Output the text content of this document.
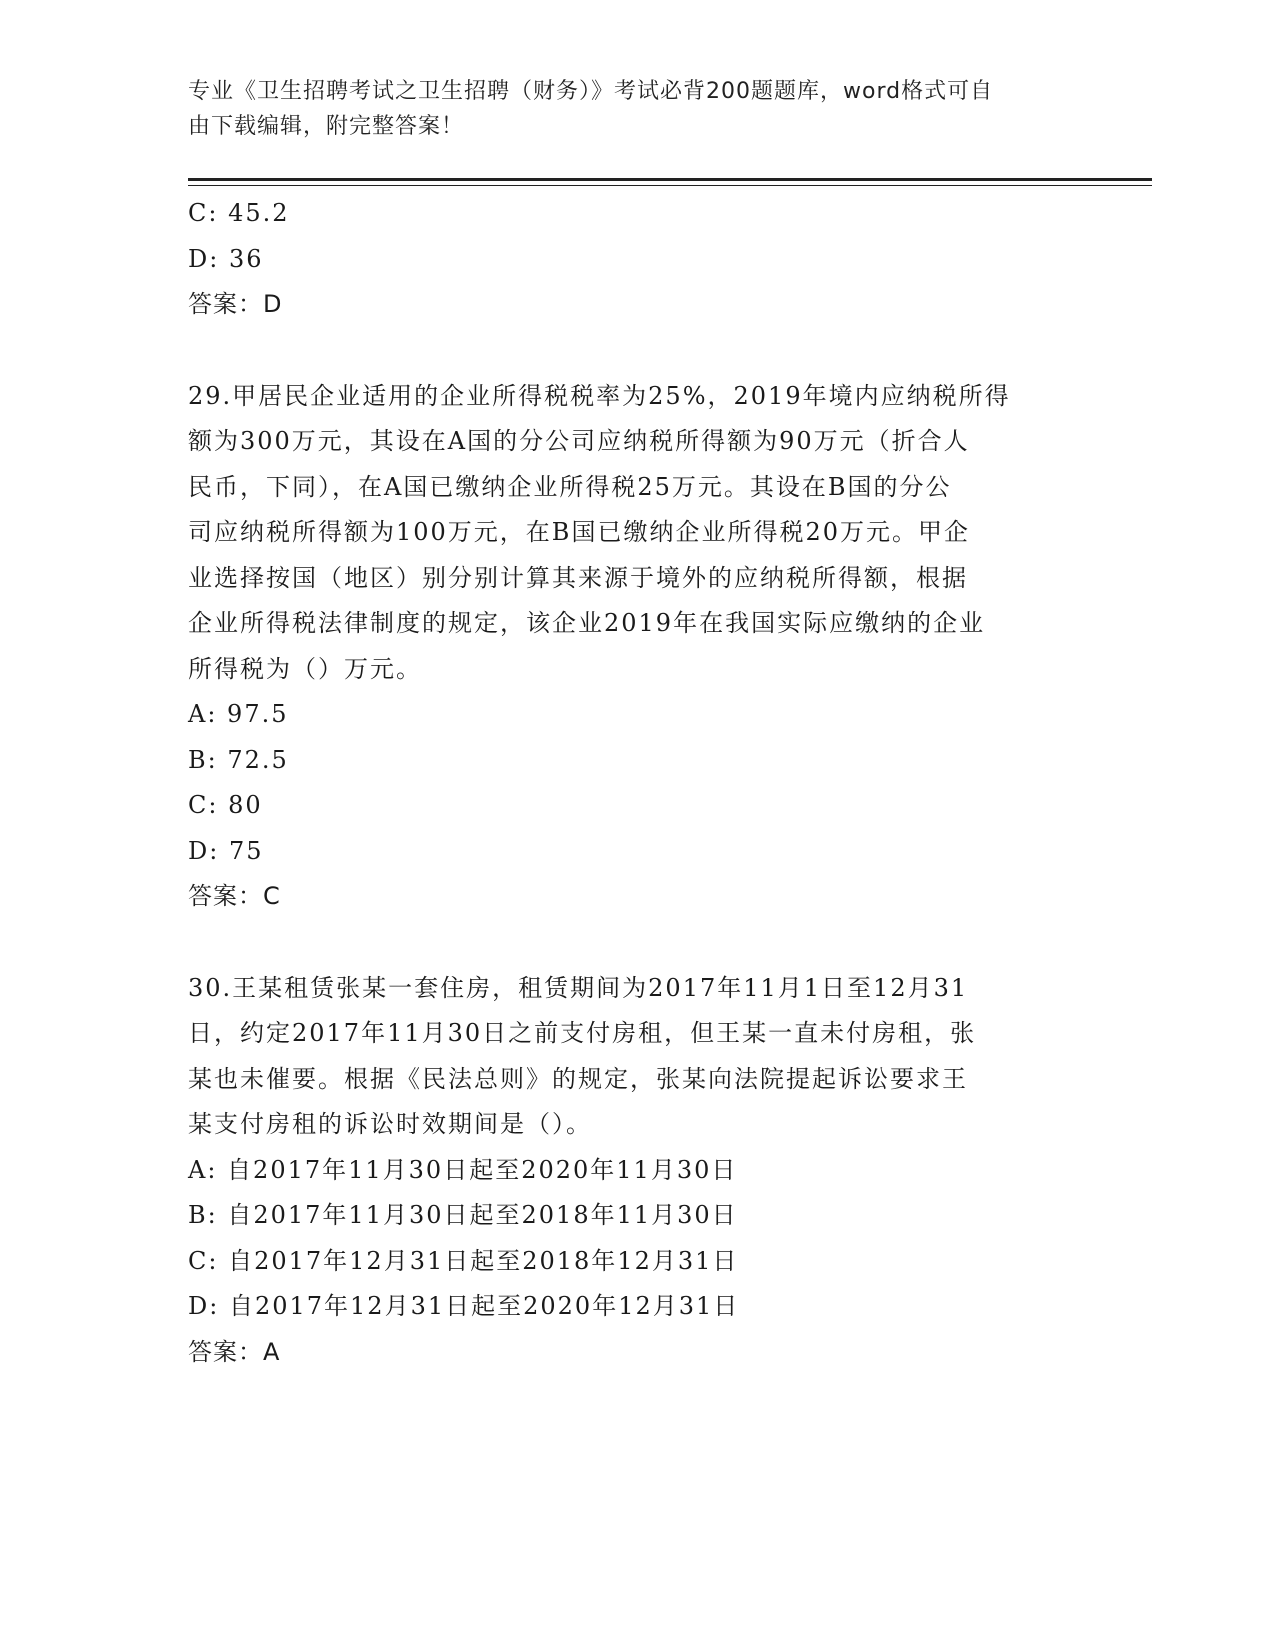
专业《卫生招聘考试之卫生招聘（财务）》考试必背200题题库，word格式可自
由下载编辑，附完整答案！
C: 45.2
D: 36
答案：D
29.甲居民企业适用的企业所得税税率为25%，2019年境内应纳税所得
额为300万元，其设在A国的分公司应纳税所得额为90万元（折合人
民币，下同），在A国已缴纳企业所得税25万元。其设在B国的分公
司应纳税所得额为100万元，在B国已缴纳企业所得税20万元。甲企
业选择按国（地区）别分别计算其来源于境外的应纳税所得额，根据
企业所得税法律制度的规定，该企业2019年在我国实际应缴纳的企业
所得税为（）万元。
A: 97.5
B: 72.5
C: 80
D: 75
答案：C
30.王某租赁张某一套住房，租赁期间为2017年11月1日至12月31
日，约定2017年11月30日之前支付房租，但王某一直未付房租，张
某也未催要。根据《民法总则》的规定，张某向法院提起诉讼要求王
某支付房租的诉讼时效期间是（）。
A: 自2017年11月30日起至2020年11月30日
B: 自2017年11月30日起至2018年11月30日
C: 自2017年12月31日起至2018年12月31日
D: 自2017年12月31日起至2020年12月31日
答案：A
